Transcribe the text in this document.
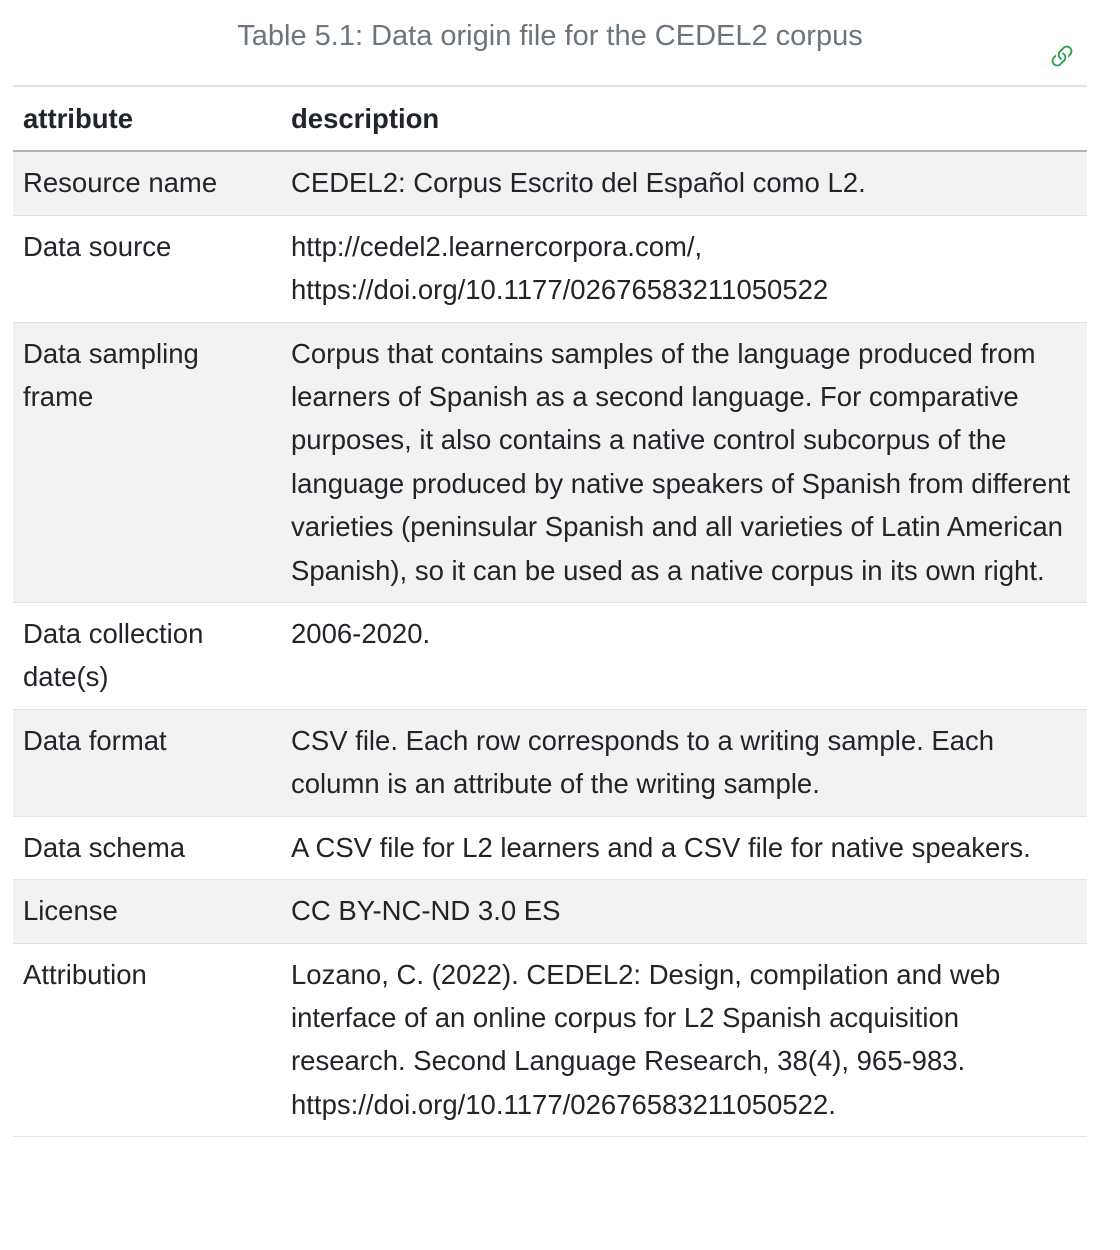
Table 5.1: Data origin file for the CEDEL2 corpus
attribute	description
Resource name	CEDEL2: Corpus Escrito del Español como L2.
Data source	http://cedel2.learnercorpora.com/, https://doi.org/10.1177/02676583211050522
Data sampling frame	Corpus that contains samples of the language produced from learners of Spanish as a second language. For comparative purposes, it also contains a native control subcorpus of the language produced by native speakers of Spanish from different varieties (peninsular Spanish and all varieties of Latin American Spanish), so it can be used as a native corpus in its own right.
Data collection date(s)	2006-2020.
Data format	CSV file. Each row corresponds to a writing sample. Each column is an attribute of the writing sample.
Data schema	A CSV file for L2 learners and a CSV file for native speakers.
License	CC BY-NC-ND 3.0 ES
Attribution	Lozano, C. (2022). CEDEL2: Design, compilation and web interface of an online corpus for L2 Spanish acquisition research. Second Language Research, 38(4), 965-983. https://doi.org/10.1177/02676583211050522.
